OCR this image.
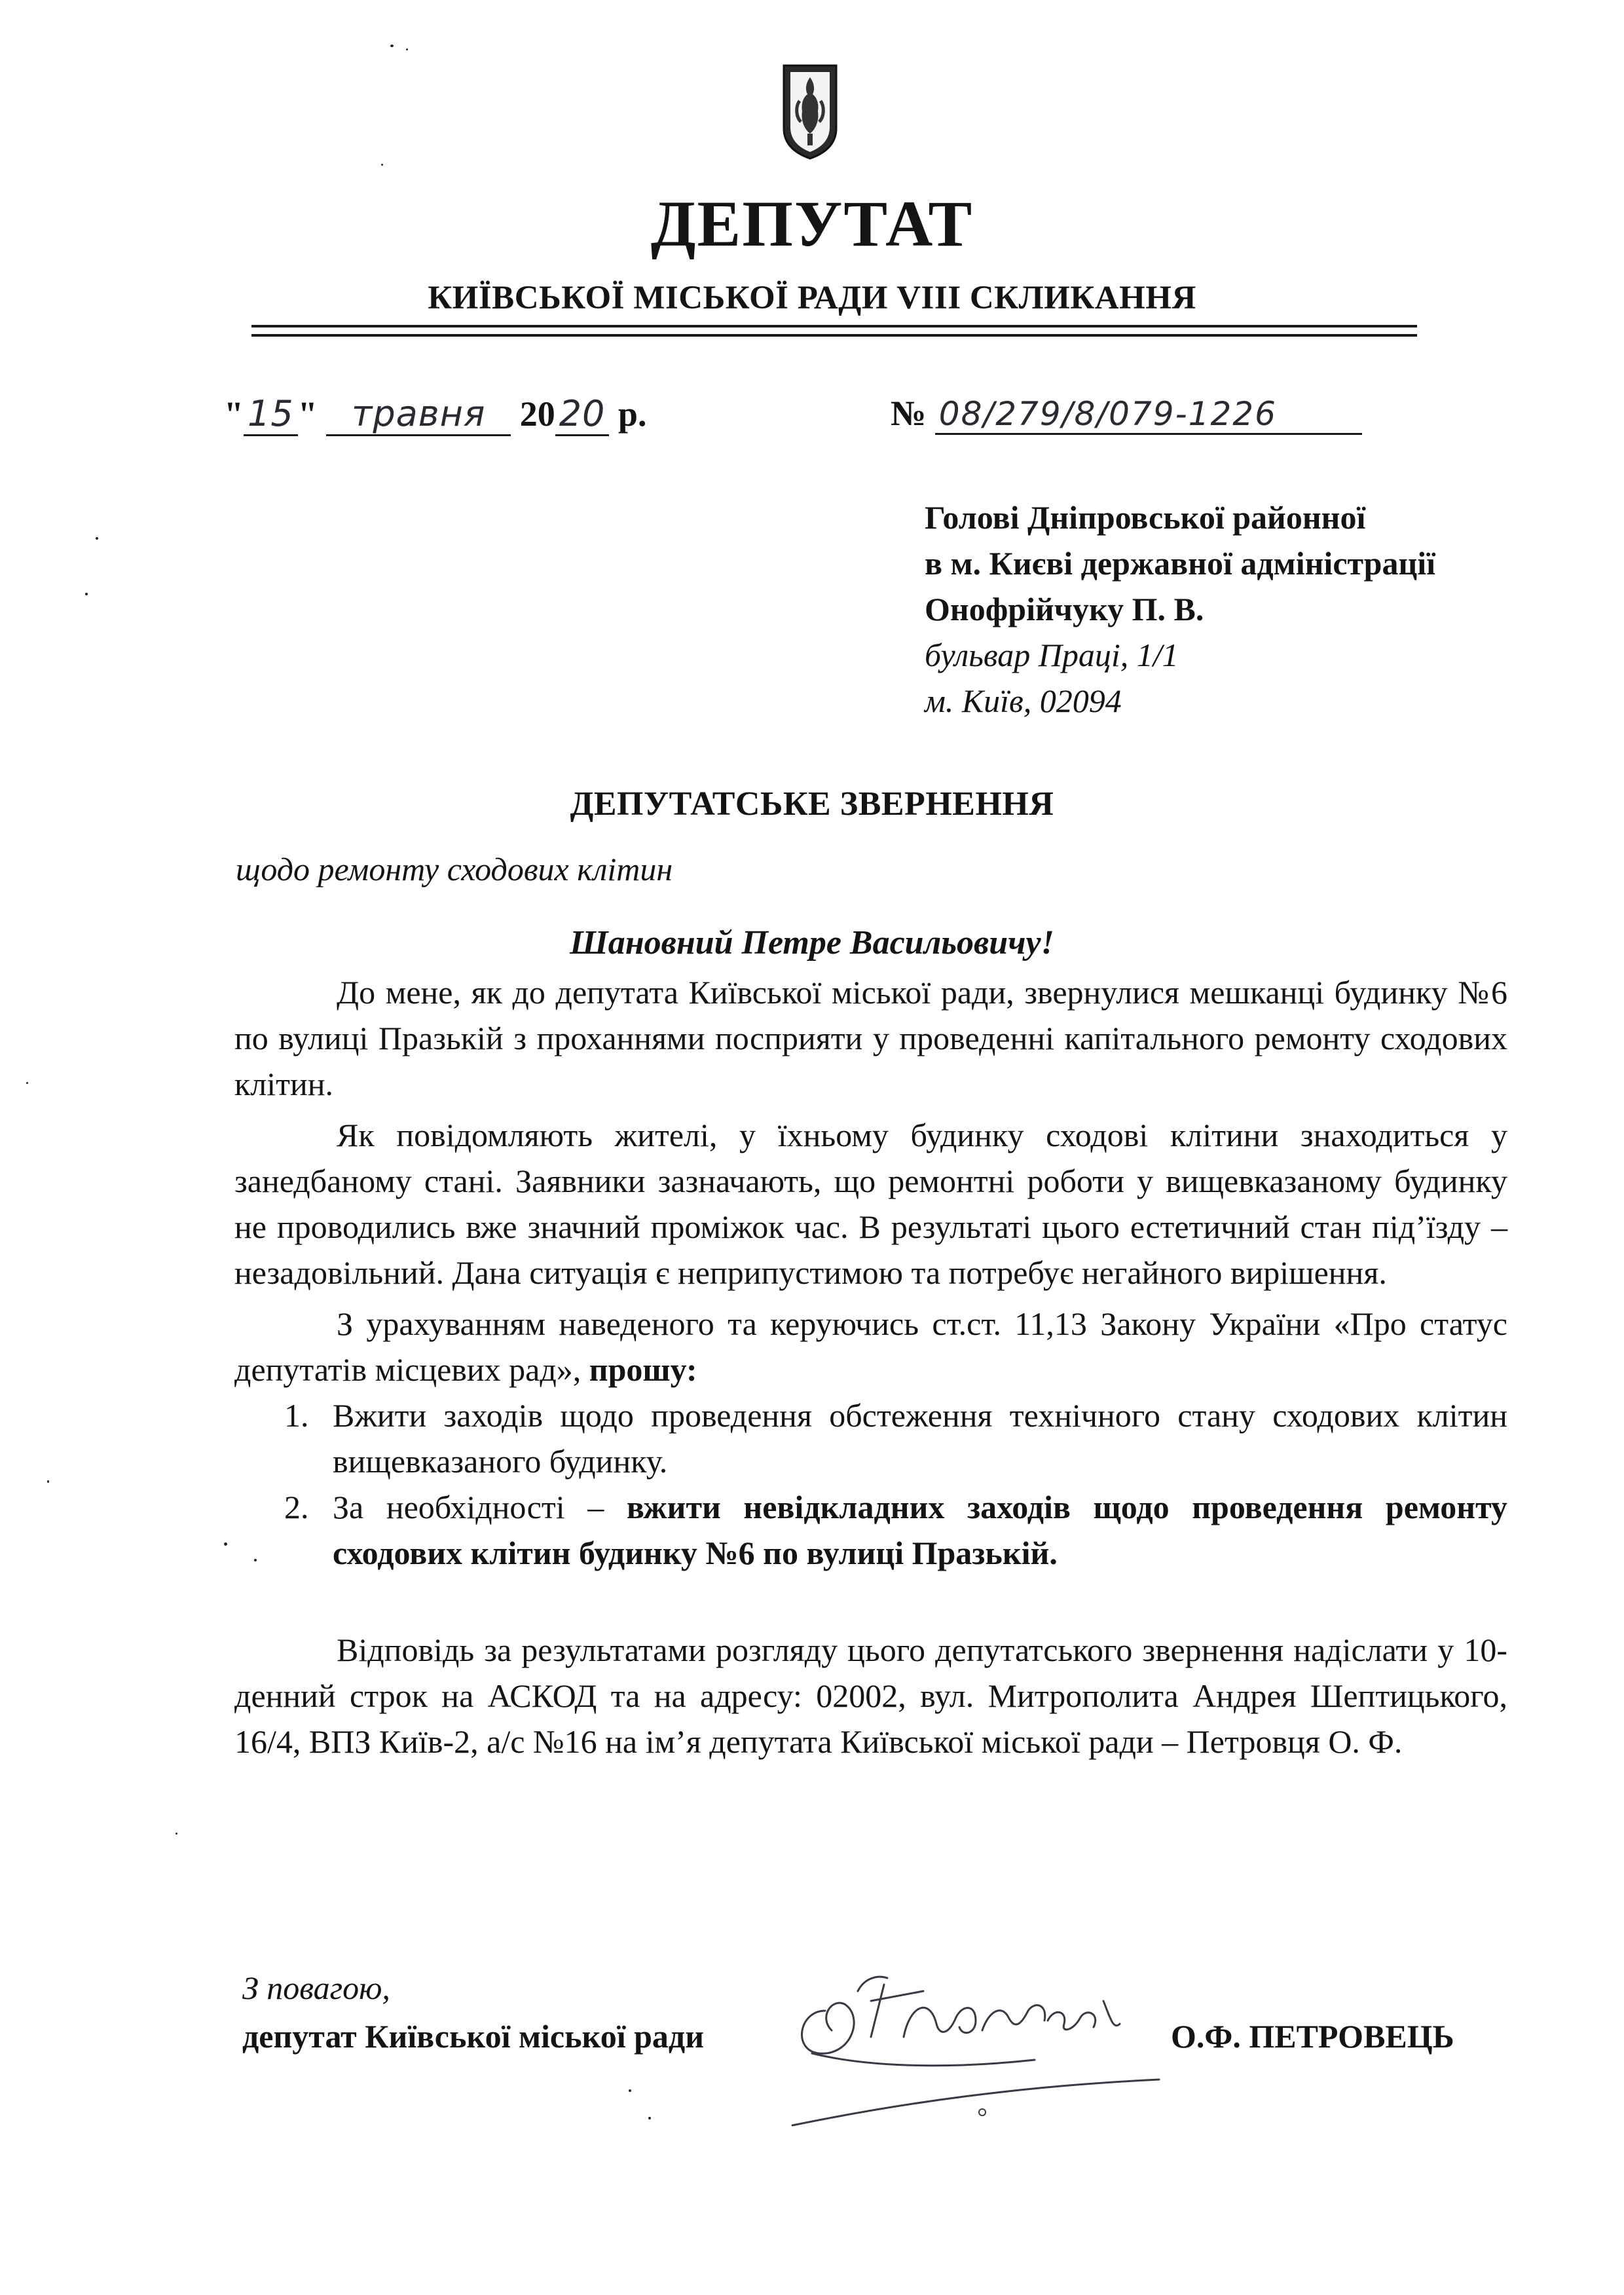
ДЕПУТАТ
КИЇВСЬКОЇ МІСЬКОЇ РАДИ VIII СКЛИКАННЯ
" 15 " травня 20 20 р.	№ 08/279/8/079-1226
Голові Дніпровської районної
в м. Києві державної адміністрації
Онофрійчуку П. В.
бульвар Праці, 1/1
м. Київ, 02094
ДЕПУТАТСЬКЕ ЗВЕРНЕННЯ
щодо ремонту сходових клітин
Шановний Петре Васильовичу!

До мене, як до депутата Київської міської ради, звернулися мешканці будинку №6 по вулиці Празькій з проханнями посприяти у проведенні капітального ремонту сходових клітин.

Як повідомляють жителі, у їхньому будинку сходові клітини знаходиться у занедбаному стані. Заявники зазначають, що ремонтні роботи у вищевказаному будинку не проводились вже значний проміжок час. В результаті цього естетичний стан під’їзду – незадовільний. Дана ситуація є неприпустимою та потребує негайного вирішення.

З урахуванням наведеного та керуючись ст.ст. 11,13 Закону України «Про статус депутатів місцевих рад», прошу:

1. Вжити заходів щодо проведення обстеження технічного стану сходових клітин вищевказаного будинку.
2. За необхідності – вжити невідкладних заходів щодо проведення ремонту сходових клітин будинку №6 по вулиці Празькій.

Відповідь за результатами розгляду цього депутатського звернення надіслати у 10-денний строк на АСКОД та на адресу: 02002, вул. Митрополита Андрея Шептицького, 16/4, ВПЗ Київ-2, а/с №16 на ім’я депутата Київської міської ради – Петровця О. Ф.

З повагою,
депутат Київської міської ради	О.Ф. ПЕТРОВЕЦЬ
